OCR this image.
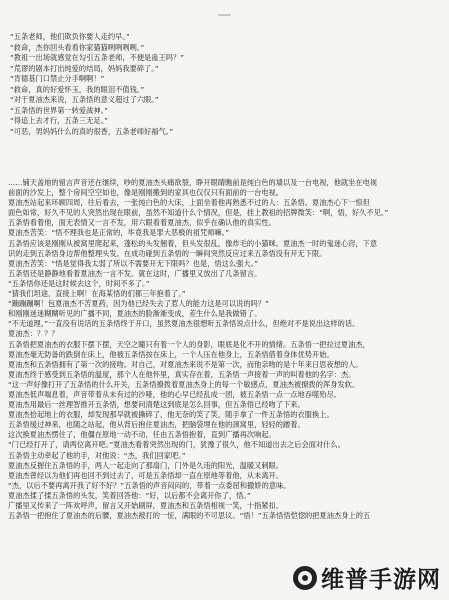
—
“五条老师，他们欺负你要人走约早。”
“救命，杰你回头看看你家猫猫咧咧咧咧。”
“教祖一出场就感觉在勾引五条老师，不便是蛊王吗？”
“荒谬的剧本打出纯爱的结局，妈妈我要碎了。”
“肯德基门口禁止分手啊啊！”
“救命，真的好爱怀玉，我的眼泪不值钱。”
“对于夏油杰来说，五条悟的意义超过了六眼。”
“五条悟的世界第一转爱战神。”
“得追上去才行，五条三无足。”
“可恶，男妈妈什么的真的很香，五条老师好福气。”
……铺天盖地的留言声音还在继续，吵的夏油杰头痛欲裂，睁开眼睛瞧前是纯白色的墙以及一台电视，他就坐在电视
前面的沙发上，整个房间空空如也，像是刚刚搬到的家具也仅仅只有面前的一台电视。
夏油杰站起来环顾四周，往后看去，一张纯白色的大床，上面坐着他再熟悉不过的人：五条悟。夏油杰心下一惊但
面色如常，好久不见的人突然出现在眼前，虽然不知道什么个情况，但是，挂上教祖的招牌微笑：“啊，悟，好久不见。”
五条悟看着他，面无表情又一言不发，用六眼看着夏油杰，似乎在确认他的真实性。
夏油杰苦笑：“悟不理我也是正常的，毕竟我是罪大恶极的祖咒师嘛。”
五条悟应该是刚刚从被窝里爬起来，蓬松的头发翘着，但头发很乱，像炸毛的小猫咪。夏油杰一时的鬼迷心窍，下意
识的走到五条悟身边帮他整理头发。在成功碰到五条悟的一瞬间突然反应过来五条悟没有开无下限。
夏油杰苦笑：“悟是觉得我太弱了所以不需要开无下限吗？也是，悟这么强大。”
五条悟还是静静地看着夏油杰一言不发。就在这时，广播里又放出了几条留言。
“五条悟你还是这时候去这个，时间不多了。”
“猜我们坦途，直接上啊！在海某悟的们都三年抱着了。”
“蹦蹦蹦啊！包夏油杰不苦夏药，因为他已经失去了惹人的能力这是可以说的吗？”
和刚刚迷迷糊糊听见的广播不同，夏油杰的脸渐渐变成，差生什么是我做错了。
“不无道理。”一直没有说话的五条悟终于开口，虽然夏油杰很想听五条悟说点什么，但绝对不是说出这样的话。
夏油杰：？？？
五条悟把夏油杰的衣服下摆下摆，天空之瞳只有着一个人的身影，眼底是化不开的情绪。五条悟一把拉过夏油杰，
夏油杰毫无防备的跌倒在床上，他被五条悟按在床上，一个人压在他身上，五条悟借着身体优势开始。
夏油杰和五条悟拥有了第一次的接吻。对自己，对夏油杰来说不是第一次，而他亲吻的是十年来日思夜想的人。
夏油杰终于感受到五条悟的温度，那个人在他怀里，真实存在着，五条悟一声接着一声的叫着他的名字：杰。
“这一声好像打开了五条悟的什么开关，五条悟撩拨着夏油杰身上的每一个敏感点，夏油杰被撩拨的浑身发软。
夏油杰低声喘息着，声音带着从未有过的沙哑，他的心早已经乱成一团，被五条悟一点一点地吞噬殆尽。
夏油杰用最后一丝理智推开五条悟，想要问清楚这到底是怎么回事，但五条悟已经吻了下来。
夏油杰拾起地上的衣服，却发现那早就被撕碎了，他无奈的笑了笑，随手拿了一件五条悟的衣服换上。
五条悟缓过神来，也随之站起，他从背后抱住夏油杰，把脑袋埋在他的颈窝里，轻轻的蹭着。
这次换夏油杰愣住了，他僵在原地一动不动，任由五条悟抱着，直到广播再次响起。
“门已经打开了，请两位离开吧。”夏油杰看着突然出现的门，犹豫了很久，他不知道出去之后会面对什么。
五条悟主动牵起了他的手，对他说：“杰，我们回家吧。”
夏油杰反握住五条悟的手，两人一起走向了那扇门，门外是久违的阳光，温暖又刺眼。
夏油杰曾经以为他们再也回不到过去了，可是五条悟却一直在原地等着他，从未离开。
“杰，以后不要再离开我了好不好？”五条悟的声音闷闷的，带着一点委屈和撒娇的意味。
夏油杰揉了揉五条悟的头发，笑着回答他：“好，以后都不会离开你了，悟。”
广播里又传来了一阵欢呼声，留言又开始刷屏，夏油杰和五条悟相视一笑，十指紧扣。
五条悟一把抱住了夏油杰的后腰，夏油杰被打的一怔，满眼的不可思议。“悟！”五条悟悟恺惚的把夏油杰身上的五
维普手游网
